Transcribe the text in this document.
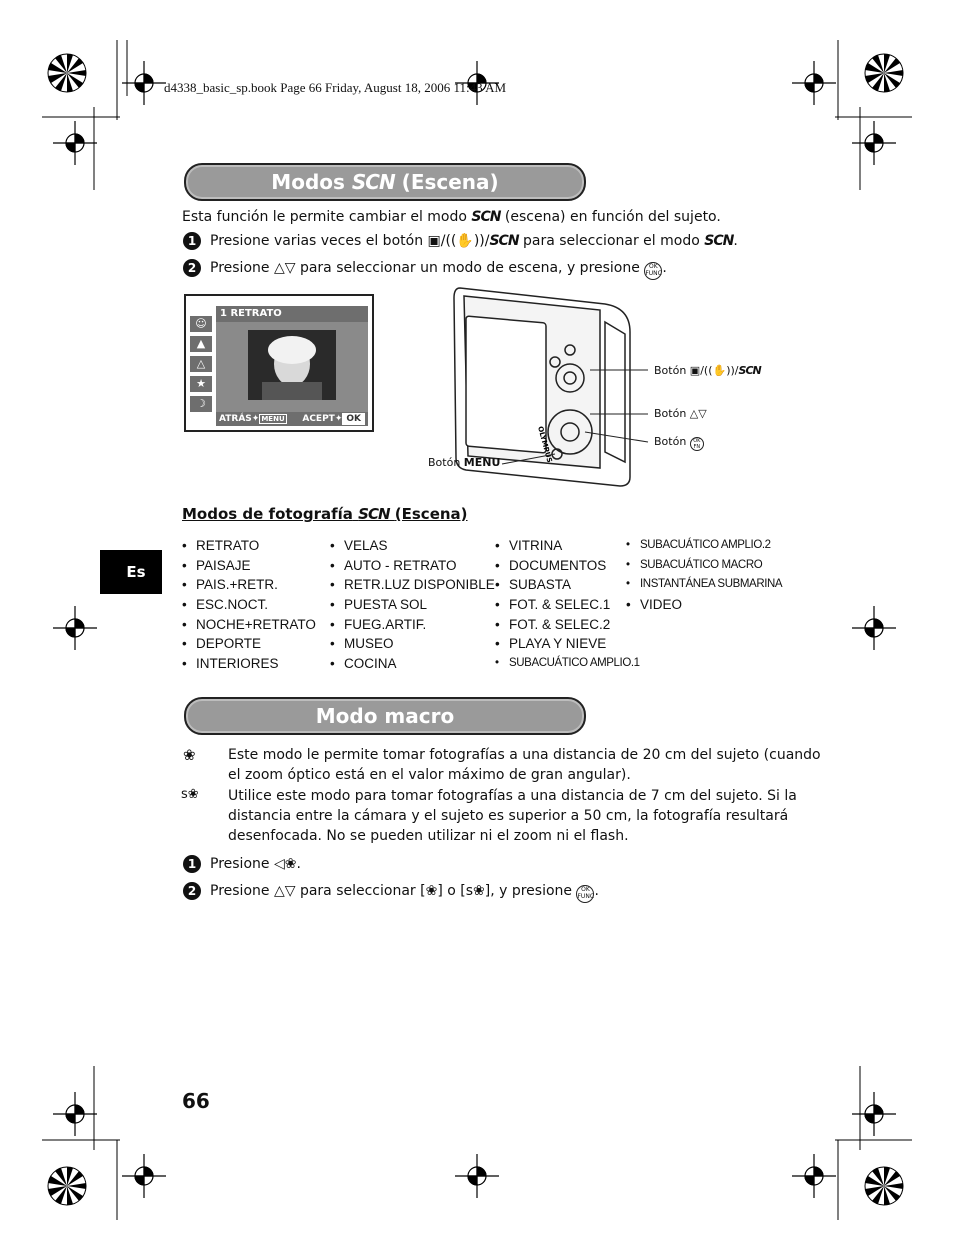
d4338_basic_sp.book Page 66 Friday, August 18, 2006 11:43 AM
Modos SCN (Escena)
Esta función le permite cambiar el modo SCN (escena) en función del sujeto.
1 Presione varias veces el botón ▣/((✋))/SCN para seleccionar el modo SCN.
2 Presione △▽ para seleccionar un modo de escena, y presione OK
FUNC.
1 RETRATO
☺
▲
△
★
☽
ATRÁS✦ MENU ACEPT✦ OK
OLYMPUS
Botón ▣/((✋))/SCN
Botón △▽
Botón OK
FN
Botón MENU
Modos de fotografía SCN (Escena)
• RETRATO
• PAISAJE
• PAIS.+RETR.
• ESC.NOCT.
• NOCHE+RETRATO
• DEPORTE
• INTERIORES
• VELAS
• AUTO - RETRATO
• RETR.LUZ DISPONIBLE
• PUESTA SOL
• FUEG.ARTIF.
• MUSEO
• COCINA
• VITRINA
• DOCUMENTOS
• SUBASTA
• FOT. & SELEC.1
• FOT. & SELEC.2
• PLAYA Y NIEVE
• SUBACUÁTICO AMPLIO.1
• SUBACUÁTICO AMPLIO.2
• SUBACUÁTICO MACRO
• INSTANTÁNEA SUBMARINA
• VIDEO
Es
Modo macro
❀ Este modo le permite tomar fotografías a una distancia de 20 cm del sujeto (cuando
el zoom óptico está en el valor máximo de gran angular).
s❀ Utilice este modo para tomar fotografías a una distancia de 7 cm del sujeto. Si la
distancia entre la cámara y el sujeto es superior a 50 cm, la fotografía resultará
desenfocada. No se pueden utilizar ni el zoom ni el flash.
1 Presione ◁❀.
2 Presione △▽ para seleccionar [❀] o [s❀], y presione OK
FUNC.
66
